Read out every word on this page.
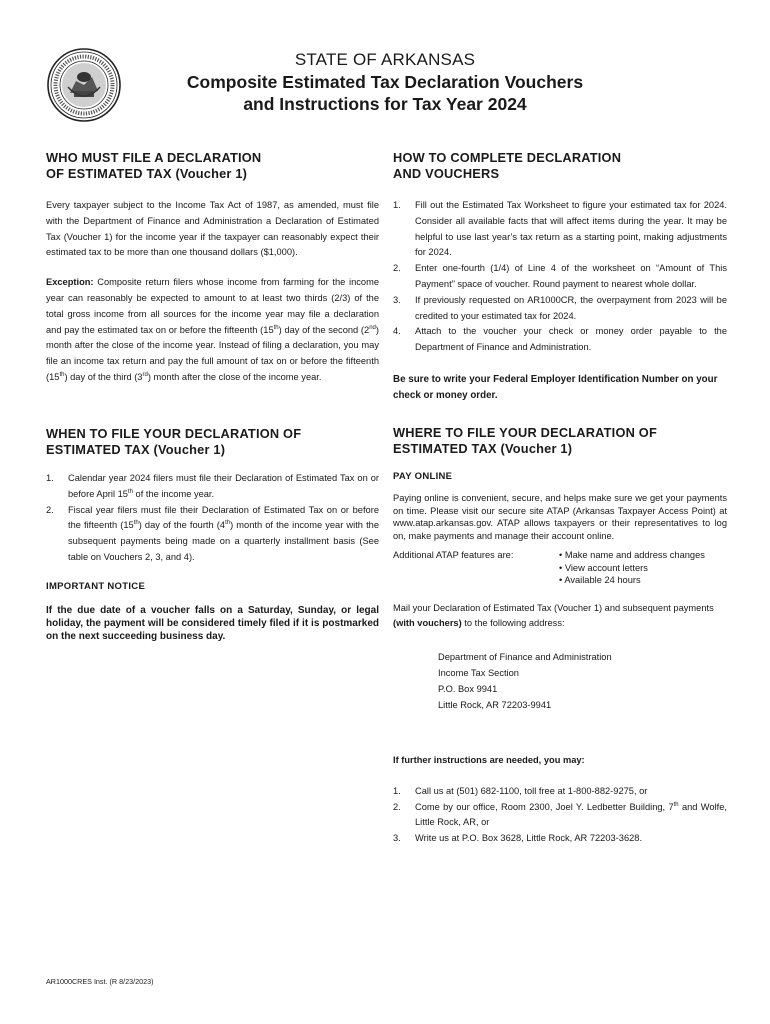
STATE OF ARKANSAS
Composite Estimated Tax Declaration Vouchers
and Instructions for Tax Year 2024
WHO MUST FILE A DECLARATION
OF ESTIMATED TAX (Voucher 1)

Every taxpayer subject to the Income Tax Act of 1987, as amended, must file with the Department of Finance and Administration a Declaration of Estimated Tax (Voucher 1) for the income year if the taxpayer can reasonably expect their estimated tax to be more than one thousand dollars ($1,000).

Exception: Composite return filers whose income from farming for the income year can reasonably be expected to amount to at least two thirds (2/3) of the total gross income from all sources for the income year may file a declaration and pay the estimated tax on or before the fifteenth (15th) day of the second (2nd) month after the close of the income year. Instead of filing a declaration, you may file an income tax return and pay the full amount of tax on or before the fifteenth (15th) day of the third (3rd) month after the close of the income year.

WHEN TO FILE YOUR DECLARATION OF
ESTIMATED TAX (Voucher 1)
1. Calendar year 2024 filers must file their Declaration of Estimated Tax on or before April 15th of the income year.
2. Fiscal year filers must file their Declaration of Estimated Tax on or before the fifteenth (15th) day of the fourth (4th) month of the income year with the subsequent payments being made on a quarterly installment basis (See table on Vouchers 2, 3, and 4).
IMPORTANT NOTICE
If the due date of a voucher falls on a Saturday, Sunday, or legal holiday, the payment will be considered timely filed if it is postmarked on the next succeeding business day.
HOW TO COMPLETE DECLARATION
AND VOUCHERS
1. Fill out the Estimated Tax Worksheet to figure your estimated tax for 2024. Consider all available facts that will affect items during the year. It may be helpful to use last year’s tax return as a starting point, making adjustments for 2024.
2. Enter one-fourth (1/4) of Line 4 of the worksheet on “Amount of This Payment” space of voucher. Round payment to nearest whole dollar.
3. If previously requested on AR1000CR, the overpayment from 2023 will be credited to your estimated tax for 2024.
4. Attach to the voucher your check or money order payable to the Department of Finance and Administration.

Be sure to write your Federal Employer Identification Number on your check or money order.

WHERE TO FILE YOUR DECLARATION OF
ESTIMATED TAX (Voucher 1)
PAY ONLINE

Paying online is convenient, secure, and helps make sure we get your payments on time. Please visit our secure site ATAP (Arkansas Taxpayer Access Point) at www.atap.arkansas.gov. ATAP allows taxpayers or their representatives to log on, make payments and manage their account online.

Additional ATAP features are:	• Make name and address changes
• View account letters
• Available 24 hours

Mail your Declaration of Estimated Tax (Voucher 1) and subsequent payments (with vouchers) to the following address:

Department of Finance and Administration

Income Tax Section

P.O. Box 9941

Little Rock, AR 72203-9941

If further instructions are needed, you may:

1. Call us at (501) 682-1100, toll free at 1-800-882-9275, or
2. Come by our office, Room 2300, Joel Y. Ledbetter Building, 7th and Wolfe, Little Rock, AR, or
3. Write us at P.O. Box 3628, Little Rock, AR 72203-3628.
AR1000CRES Inst. (R 8/23/2023)
